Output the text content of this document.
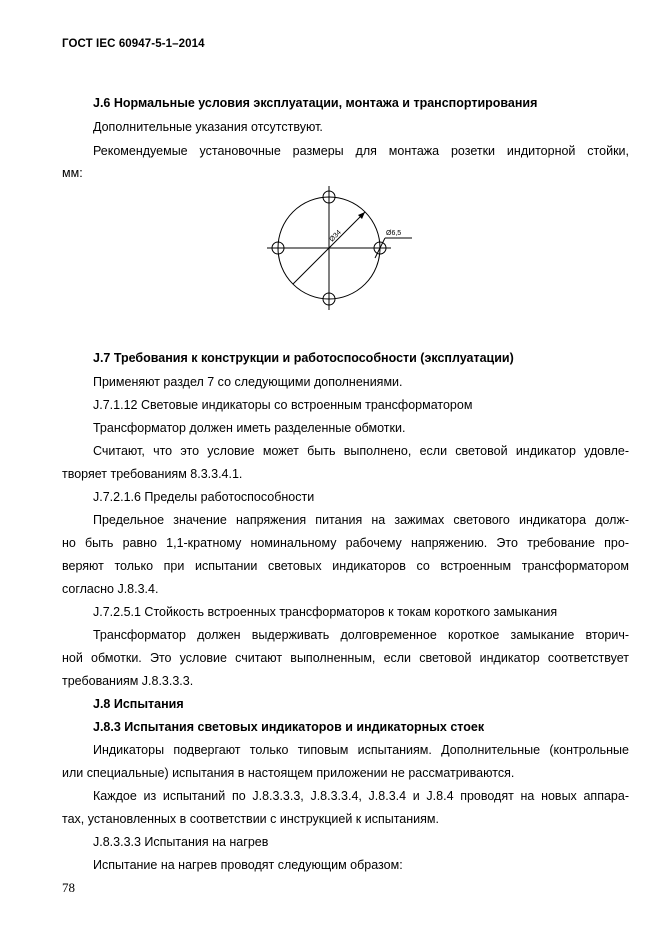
ГОСТ IEC 60947-5-1–2014
J.6 Нормальные условия эксплуатации, монтажа и транспортирования
Дополнительные указания отсутствуют.
Рекомендуемые установочные размеры для монтажа розетки индиторной стойки,
мм:
Ø34	Ø6,5
J.7 Требования к конструкции и работоспособности (эксплуатации)
Применяют раздел 7 со следующими дополнениями.
J.7.1.12 Световые индикаторы со встроенным трансформатором
Трансформатор должен иметь разделенные обмотки.
Считают, что это условие может быть выполнено, если световой индикатор удовле-
творяет требованиям 8.3.3.4.1.
J.7.2.1.6 Пределы работоспособности
Предельное значение напряжения питания на зажимах светового индикатора долж-
но быть равно 1,1-кратному номинальному рабочему напряжению. Это требование про-
веряют только при испытании световых индикаторов со встроенным трансформатором
согласно J.8.3.4.
J.7.2.5.1 Стойкость встроенных трансформаторов к токам короткого замыкания
Трансформатор должен выдерживать долговременное короткое замыкание вторич-
ной обмотки. Это условие считают выполненным, если световой индикатор соответствует
требованиям J.8.3.3.3.
J.8 Испытания
J.8.3 Испытания световых индикаторов и индикаторных стоек
Индикаторы подвергают только типовым испытаниям. Дополнительные (контрольные
или специальные) испытания в настоящем приложении не рассматриваются.
Каждое из испытаний по J.8.3.3.3, J.8.3.3.4, J.8.3.4 и J.8.4 проводят на новых аппара-
тах, установленных в соответствии с инструкцией к испытаниям.
J.8.3.3.3 Испытания на нагрев
Испытание на нагрев проводят следующим образом:
78
